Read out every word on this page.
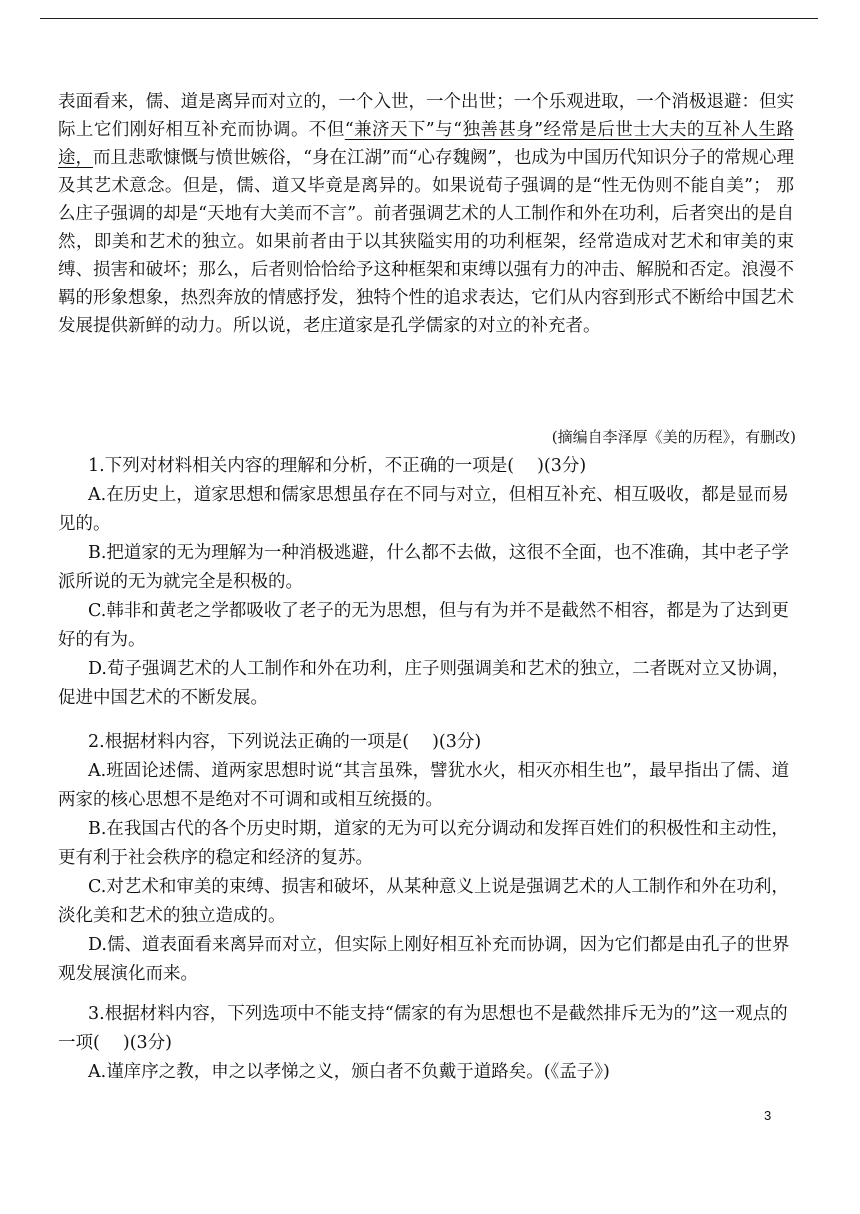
表面看来，儒、道是离异而对立的，一个入世，一个出世；一个乐观进取，一个消极退避：但实际上它们刚好相互补充而协调。不但“兼济天下”与“独善甚身”经常是后世士大夫的互补人生路途，而且悲歌慷慨与愤世嫉俗，“身在江湖”而“心存魏阙”，也成为中国历代知识分子的常规心理及其艺术意念。但是，儒、道又毕竟是离异的。如果说荀子强调的是“性无伪则不能自美”； 那么庄子强调的却是“天地有大美而不言”。前者强调艺术的人工制作和外在功利，后者突出的是自然，即美和艺术的独立。如果前者由于以其狭隘实用的功利框架，经常造成对艺术和审美的束缚、损害和破坏；那么，后者则恰恰给予这种框架和束缚以强有力的冲击、解脱和否定。浪漫不羁的形象想象，热烈奔放的情感抒发，独特个性的追求表达，它们从内容到形式不断给中国艺术发展提供新鲜的动力。所以说，老庄道家是孔学儒家的对立的补充者。
(摘编自李泽厚《美的历程》，有删改)

1.下列对材料相关内容的理解和分析，不正确的一项是(　 )(3分)

A.在历史上，道家思想和儒家思想虽存在不同与对立，但相互补充、相互吸收，都是显而易见的。

B.把道家的无为理解为一种消极逃避，什么都不去做，这很不全面，也不准确，其中老子学派所说的无为就完全是积极的。

C.韩非和黄老之学都吸收了老子的无为思想，但与有为并不是截然不相容，都是为了达到更好的有为。

D.荀子强调艺术的人工制作和外在功利，庄子则强调美和艺术的独立，二者既对立又协调，促进中国艺术的不断发展。

2.根据材料内容，下列说法正确的一项是(　 )(3分)

A.班固论述儒、道两家思想时说“其言虽殊，譬犹水火，相灭亦相生也”，最早指出了儒、道两家的核心思想不是绝对不可调和或相互统摄的。

B.在我国古代的各个历史时期，道家的无为可以充分调动和发挥百姓们的积极性和主动性，更有利于社会秩序的稳定和经济的复苏。

C.对艺术和审美的束缚、损害和破坏，从某种意义上说是强调艺术的人工制作和外在功利，淡化美和艺术的独立造成的。

D.儒、道表面看来离异而对立，但实际上刚好相互补充而协调，因为它们都是由孔子的世界观发展演化而来。

3.根据材料内容，下列选项中不能支持“儒家的有为思想也不是截然排斥无为的”这一观点的一项(　 )(3分)

A.谨庠序之教，申之以孝悌之义，颁白者不负戴于道路矣。(《孟子》)

3
